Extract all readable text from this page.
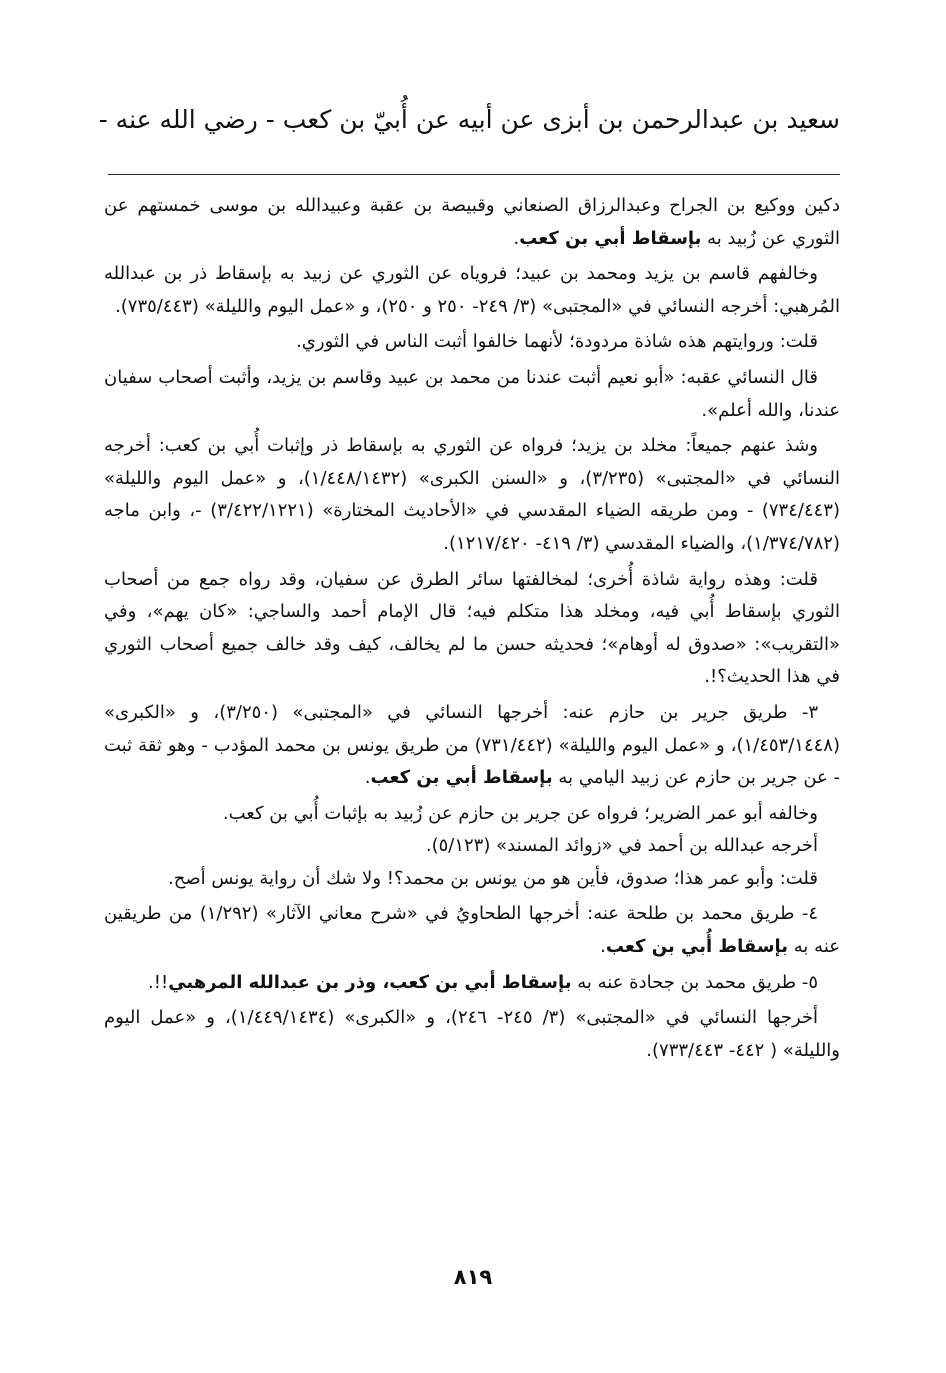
سعيد بن عبدالرحمن بن أبزى عن أبيه عن أُبيّ بن كعب - رضي الله عنه -

دكين ووكيع بن الجراح وعبدالرزاق الصنعاني وقبيصة بن عقبة وعبيدالله بن موسى خمستهم عن الثوري عن زُبيد به بإسقاط أبي بن كعب.

وخالفهم قاسم بن يزيد ومحمد بن عبيد؛ فروياه عن الثوري عن زبيد به بإسقاط ذر بن عبدالله المُرهبي: أخرجه النسائي في «المجتبى» (٣/ ٢٤٩- ٢٥٠ و ٢٥٠)، و «عمل اليوم والليلة» (٧٣٥/٤٤٣).

قلت: وروايتهم هذه شاذة مردودة؛ لأنهما خالفوا أثبت الناس في الثوري.

قال النسائي عقبه: «أبو نعيم أثبت عندنا من محمد بن عبيد وقاسم بن يزيد، وأثبت أصحاب سفيان عندنا، والله أعلم».

وشذ عنهم جميعاً: مخلد بن يزيد؛ فرواه عن الثوري به بإسقاط ذر وإثبات أُبي بن كعب: أخرجه النسائي في «المجتبى» (٣/٢٣٥)، و «السنن الكبرى» (١/٤٤٨/١٤٣٢)، و «عمل اليوم والليلة» (٧٣٤/٤٤٣) - ومن طريقه الضياء المقدسي في «الأحاديث المختارة» (٣/٤٢٢/١٢٢١) -، وابن ماجه (١/٣٧٤/٧٨٢)، والضياء المقدسي (٣/ ٤١٩- ١٢١٧/٤٢٠).

قلت: وهذه رواية شاذة أُخرى؛ لمخالفتها سائر الطرق عن سفيان، وقد رواه جمع من أصحاب الثوري بإسقاط أُبي فيه، ومخلد هذا متكلم فيه؛ قال الإمام أحمد والساجي: «كان يهم»، وفي «التقريب»: «صدوق له أوهام»؛ فحديثه حسن ما لم يخالف، كيف وقد خالف جميع أصحاب الثوري في هذا الحديث؟!.

٣- طريق جرير بن حازم عنه: أخرجها النسائي في «المجتبى» (٣/٢٥٠)، و «الكبرى» (١/٤٥٣/١٤٤٨)، و «عمل اليوم والليلة» (٧٣١/٤٤٢) من طريق يونس بن محمد المؤدب - وهو ثقة ثبت - عن جرير بن حازم عن زبيد اليامي به بإسقاط أبي بن كعب.

وخالفه أبو عمر الضرير؛ فرواه عن جرير بن حازم عن زُبيد به بإثبات أُبي بن كعب.

أخرجه عبدالله بن أحمد في «زوائد المسند» (٥/١٢٣).

قلت: وأبو عمر هذا؛ صدوق، فأين هو من يونس بن محمد؟! ولا شك أن رواية يونس أصح.

٤- طريق محمد بن طلحة عنه: أخرجها الطحاويُ في «شرح معاني الآثار» (١/٢٩٢) من طريقين عنه به بإسقاط أُبي بن كعب.

٥- طريق محمد بن جحادة عنه به بإسقاط أبي بن كعب، وذر بن عبدالله المرهبي!!.

أخرجها النسائي في «المجتبى» (٣/ ٢٤٥- ٢٤٦)، و «الكبرى» (١/٤٤٩/١٤٣٤)، و «عمل اليوم والليلة» ( ٤٤٢- ٧٣٣/٤٤٣).

٨١٩
